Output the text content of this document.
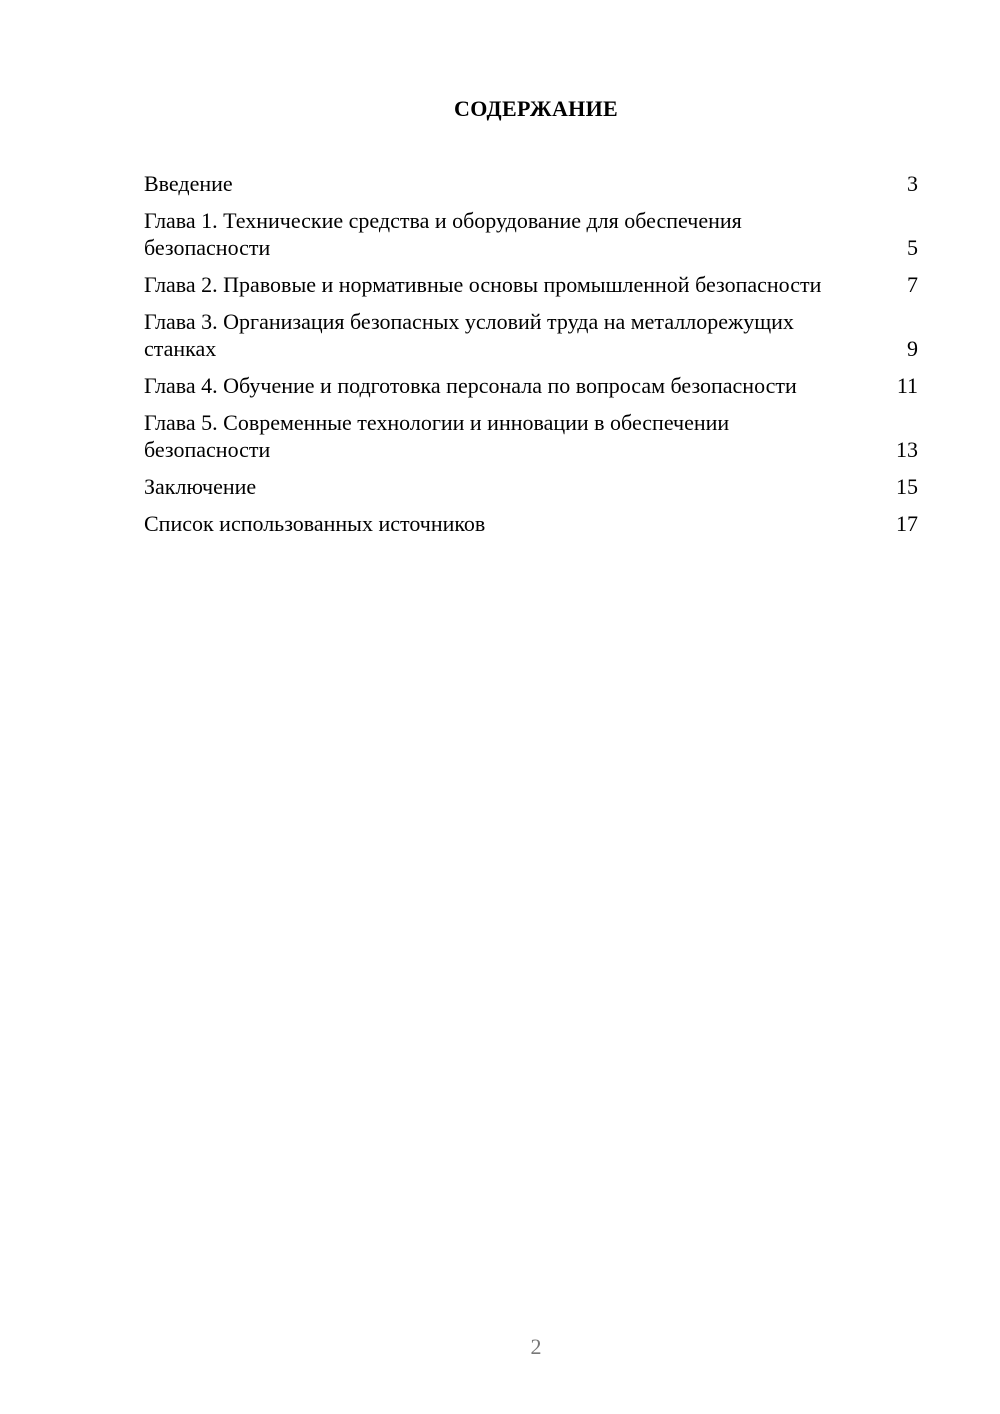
СОДЕРЖАНИЕ
Введение	3
Глава 1. Технические средства и оборудование для обеспечения безопасности	5
Глава 2. Правовые и нормативные основы промышленной безопасности	7
Глава 3. Организация безопасных условий труда на металлорежущих станках	9
Глава 4. Обучение и подготовка персонала по вопросам безопасности	11
Глава 5. Современные технологии и инновации в обеспечении безопасности	13
Заключение	15
Список использованных источников	17
2
